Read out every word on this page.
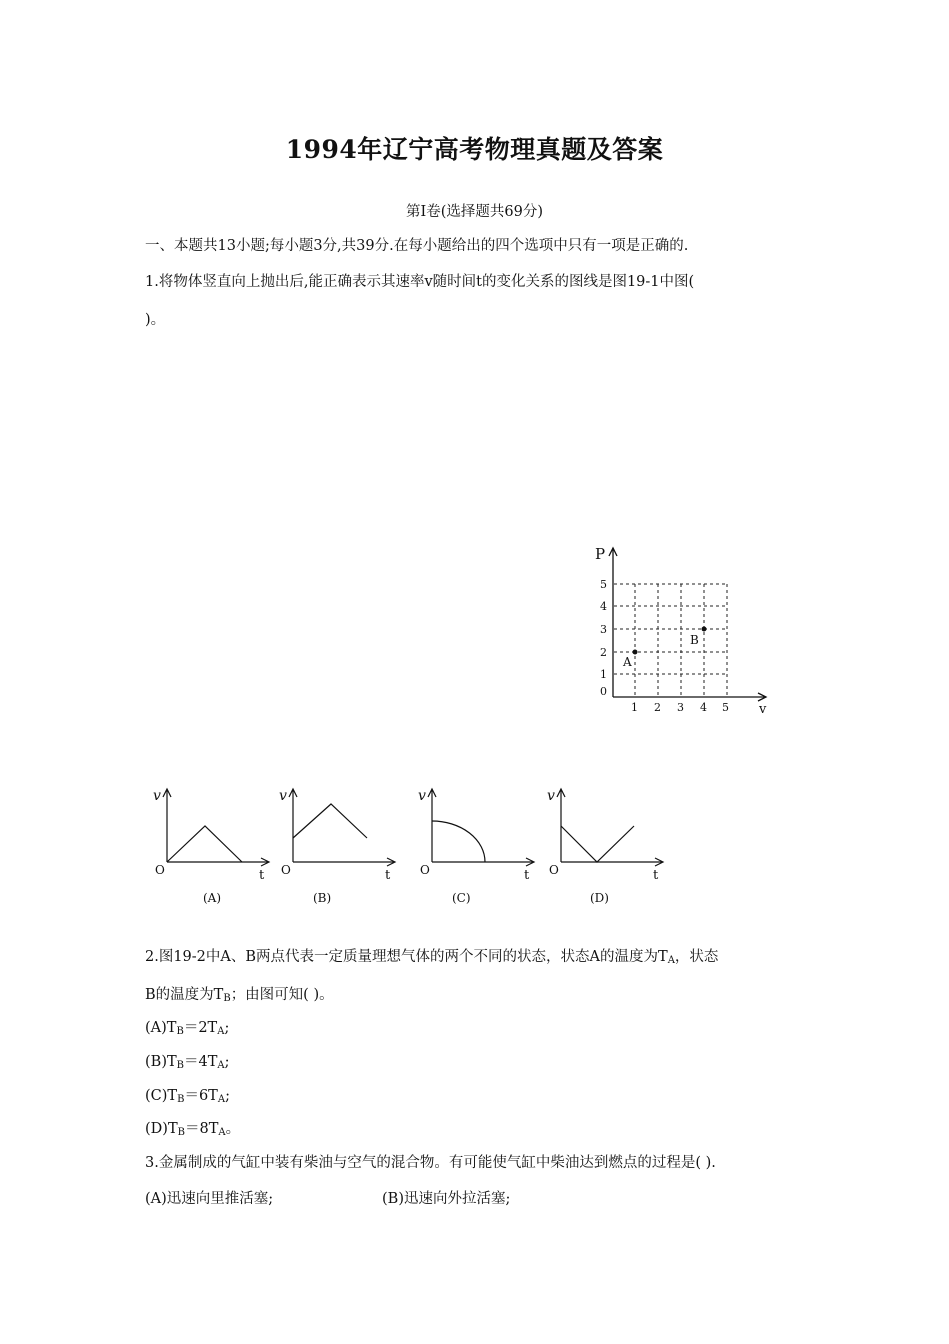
1994年辽宁高考物理真题及答案
第Ⅰ卷(选择题共69分)
一、本题共13小题;每小题3分,共39分.在每小题给出的四个选项中只有一项是正确的.
1.将物体竖直向上抛出后,能正确表示其速率v随时间t的变化关系的图线是图19-1中图(
)。
P
v
0
5
4
3
2
1
1 2 3 4 5
A
B
v
O	t
(A)
v
O	t
(B)
v
O	t
(C)
v
O	t
(D)
2.图19-2中A、B两点代表一定质量理想气体的两个不同的状态，状态A的温度为$T_A$，状态
B的温度为$T_B$；由图可知( )。
$(A)T_B=2T_A$;
$(B)T_B=4T_A$;
$(C)T_B=6T_A$;
$(D)T_B=8T_A$。
3.金属制成的气缸中装有柴油与空气的混合物。有可能使气缸中柴油达到燃点的过程是( ).
(A)迅速向里推活塞;	(B)迅速向外拉活塞;
